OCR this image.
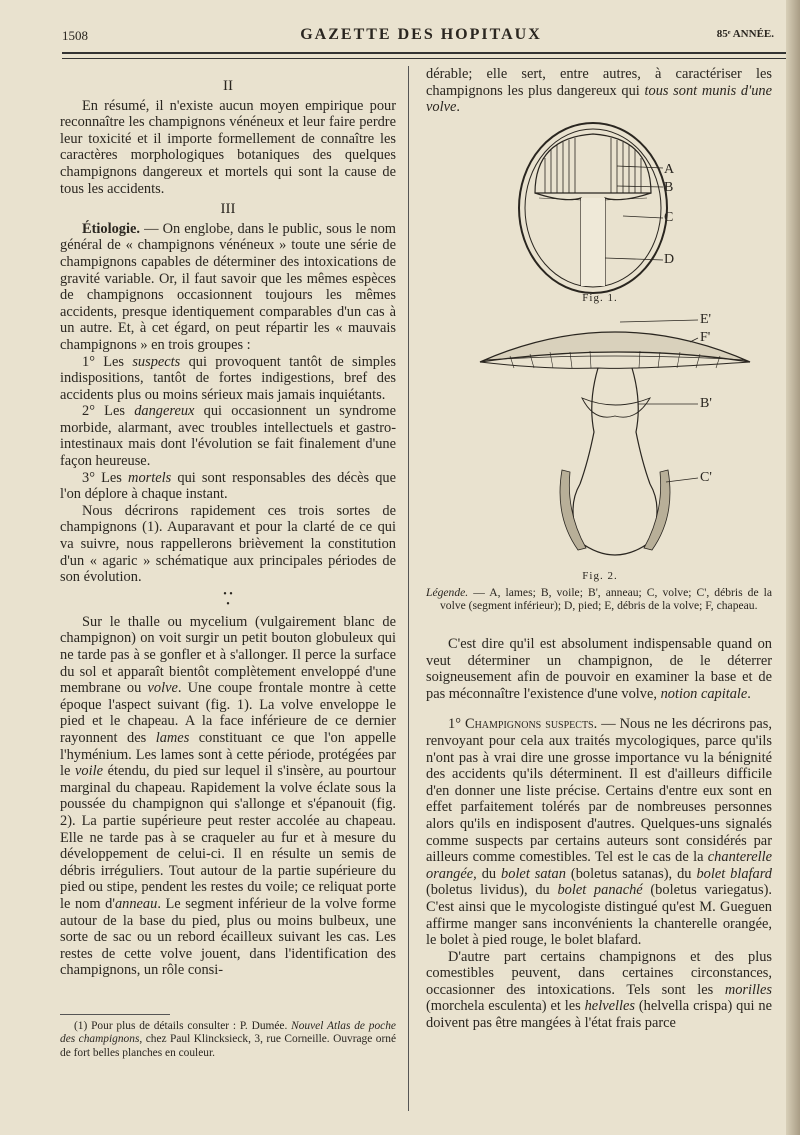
1508	GAZETTE DES HOPITAUX	85ᵉ ANNÉE.
II

En résumé, il n'existe aucun moyen empirique pour reconnaître les champignons vénéneux et leur faire perdre leur toxicité et il importe formellement de connaître les caractères morphologiques botaniques des quelques champignons dangereux et mortels qui sont la cause de tous les accidents.

III

Étiologie. — On englobe, dans le public, sous le nom général de « champignons vénéneux » toute une série de champignons capables de déterminer des intoxications de gravité variable. Or, il faut savoir que les mêmes espèces de champignons occasionnent toujours les mêmes accidents, presque identiquement comparables d'un cas à un autre. Et, à cet égard, on peut répartir les « mauvais champignons » en trois groupes :

1° Les suspects qui provoquent tantôt de simples indispositions, tantôt de fortes indigestions, bref des accidents plus ou moins sérieux mais jamais inquiétants.

2° Les dangereux qui occasionnent un syndrome morbide, alarmant, avec troubles intellectuels et gastro-intestinaux mais dont l'évolution se fait finalement d'une façon heureuse.

3° Les mortels qui sont responsables des décès que l'on déplore à chaque instant.

Nous décrirons rapidement ces trois sortes de champignons (1). Auparavant et pour la clarté de ce qui va suivre, nous rappellerons brièvement la constitution d'un « agaric » schématique aux principales périodes de son évolution.

• •
•

Sur le thalle ou mycelium (vulgairement blanc de champignon) on voit surgir un petit bouton globuleux qui ne tarde pas à se gonfler et à s'allonger. Il perce la surface du sol et apparaît bientôt complètement enveloppé d'une membrane ou volve. Une coupe frontale montre à cette époque l'aspect suivant (fig. 1). La volve enveloppe le pied et le chapeau. A la face inférieure de ce dernier rayonnent des lames constituant ce que l'on appelle l'hyménium. Les lames sont à cette période, protégées par le voile étendu, du pied sur lequel il s'insère, au pourtour marginal du chapeau. Rapidement la volve éclate sous la poussée du champignon qui s'allonge et s'épanouit (fig. 2). La partie supérieure peut rester accolée au chapeau. Elle ne tarde pas à se craqueler au fur et à mesure du développement de celui-ci. Il en résulte un semis de débris irréguliers. Tout autour de la partie supérieure du pied ou stipe, pendent les restes du voile; ce reliquat porte le nom d'anneau. Le segment inférieur de la volve forme autour de la base du pied, plus ou moins bulbeux, une sorte de sac ou un rebord écailleux suivant les cas. Les restes de cette volve jouent, dans l'identification des champignons, un rôle consi-

(1) Pour plus de détails consulter : P. Dumée. Nouvel Atlas de poche des champignons, chez Paul Klincksieck, 3, rue Corneille. Ouvrage orné de fort belles planches en couleur.

dérable; elle sert, entre autres, à caractériser les champignons les plus dangereux qui tous sont munis d'une volve.

A
B
C
D
Fig. 1.
E'
F'
B'
C'
Fig. 2.

Légende. — A, lames; B, voile; B', anneau; C, volve; C', débris de la volve (segment inférieur); D, pied; E, débris de la volve; F, chapeau.

C'est dire qu'il est absolument indispensable quand on veut déterminer un champignon, de le déterrer soigneusement afin de pouvoir en examiner la base et de pas méconnaître l'existence d'une volve, notion capitale.

1° Champignons suspects. — Nous ne les décrirons pas, renvoyant pour cela aux traités mycologiques, parce qu'ils n'ont pas à vrai dire une grosse importance vu la bénignité des accidents qu'ils déterminent. Il est d'ailleurs difficile d'en donner une liste précise. Certains d'entre eux sont en effet parfaitement tolérés par de nombreuses personnes alors qu'ils en indisposent d'autres. Quelques-uns signalés comme suspects par certains auteurs sont considérés par ailleurs comme comestibles. Tel est le cas de la chanterelle orangée, du bolet satan (boletus satanas), du bolet blafard (boletus lividus), du bolet panaché (boletus variegatus). C'est ainsi que le mycologiste distingué qu'est M. Gueguen affirme manger sans inconvénients la chanterelle orangée, le bolet à pied rouge, le bolet blafard.

D'autre part certains champignons et des plus comestibles peuvent, dans certaines circonstances, occasionner des intoxications. Tels sont les morilles (morchela esculenta) et les helvelles (helvella crispa) qui ne doivent pas être mangées à l'état frais parce
